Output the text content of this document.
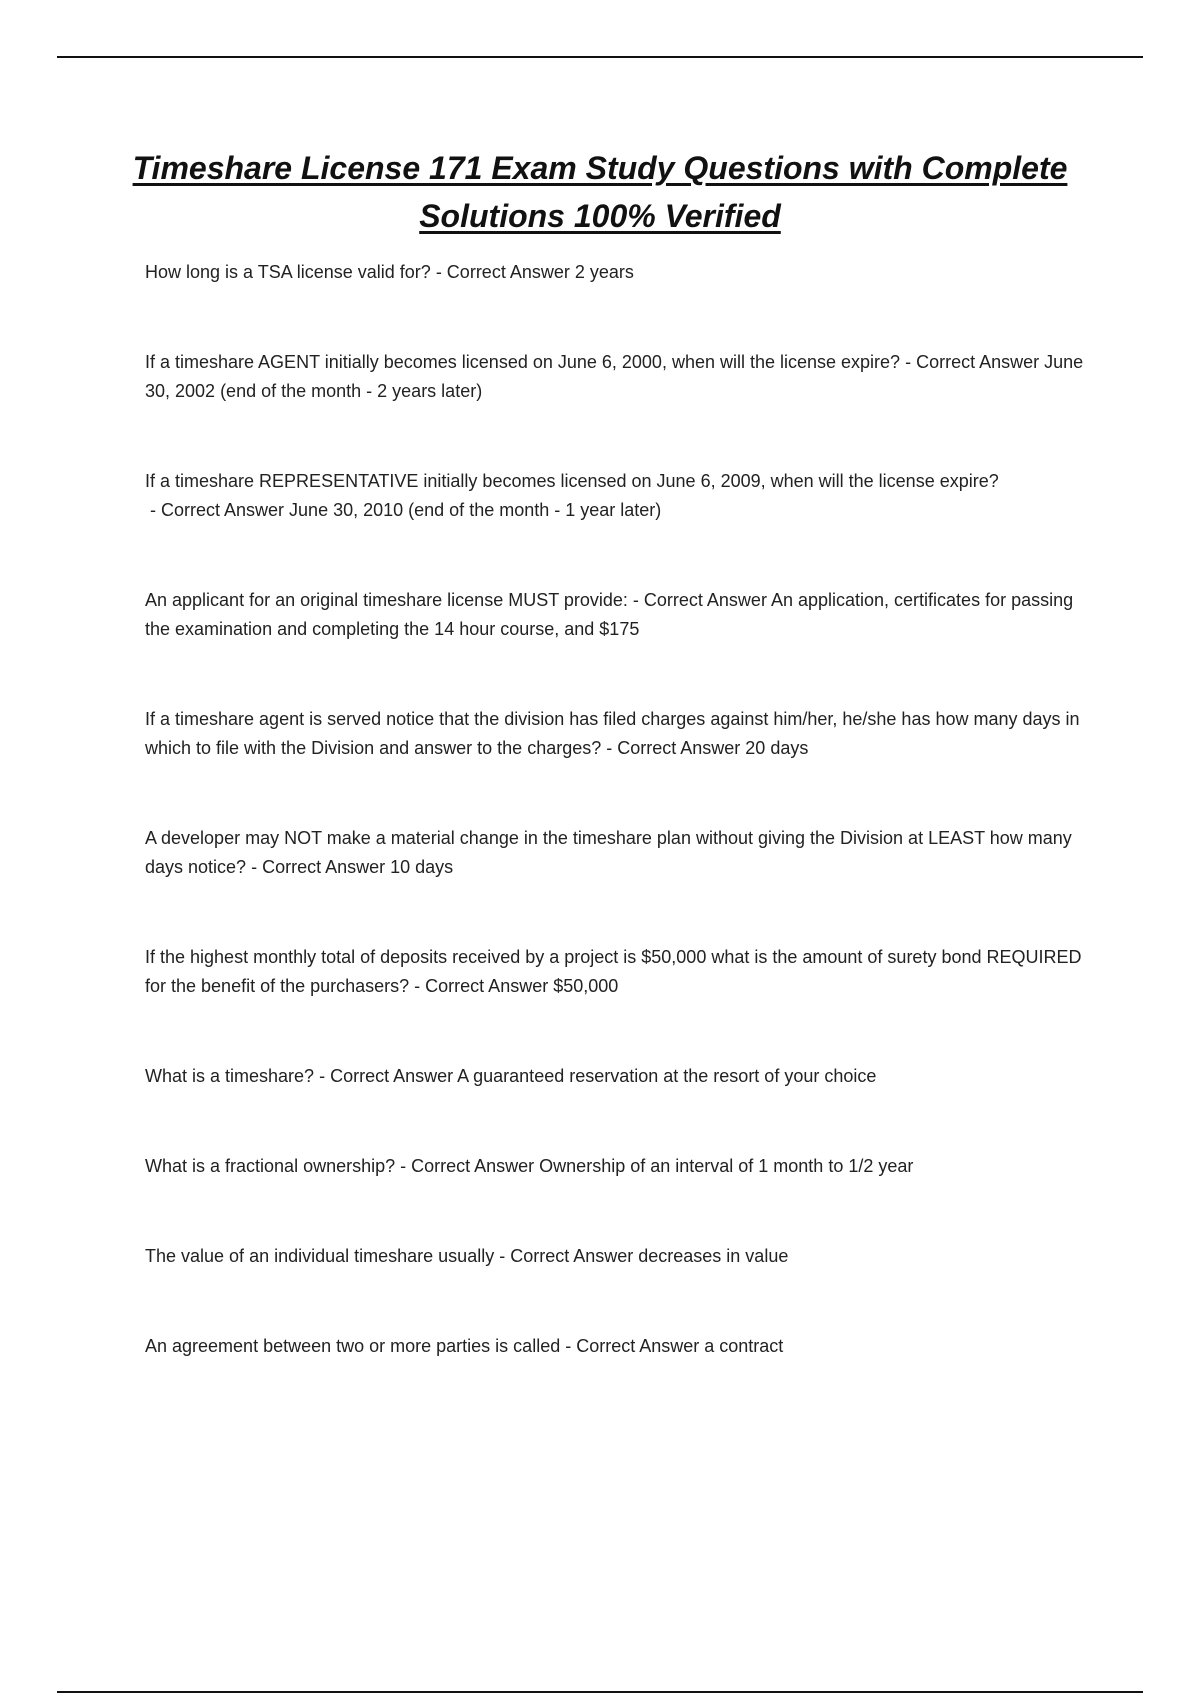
Timeshare License 171 Exam Study Questions with Complete Solutions 100% Verified
How long is a TSA license valid for? - Correct Answer 2 years
If a timeshare AGENT initially becomes licensed on June 6, 2000, when will the license expire? - Correct Answer June 30, 2002 (end of the month - 2 years later)
If a timeshare REPRESENTATIVE initially becomes licensed on June 6, 2009, when will the license expire? - Correct Answer June 30, 2010 (end of the month - 1 year later)
An applicant for an original timeshare license MUST provide: - Correct Answer An application, certificates for passing the examination and completing the 14 hour course, and $175
If a timeshare agent is served notice that the division has filed charges against him/her, he/she has how many days in which to file with the Division and answer to the charges? - Correct Answer 20 days
A developer may NOT make a material change in the timeshare plan without giving the Division at LEAST how many days notice? - Correct Answer 10 days
If the highest monthly total of deposits received by a project is $50,000 what is the amount of surety bond REQUIRED for the benefit of the purchasers? - Correct Answer $50,000
What is a timeshare? - Correct Answer A guaranteed reservation at the resort of your choice
What is a fractional ownership? - Correct Answer Ownership of an interval of 1 month to 1/2 year
The value of an individual timeshare usually - Correct Answer decreases in value
An agreement between two or more parties is called - Correct Answer a contract
